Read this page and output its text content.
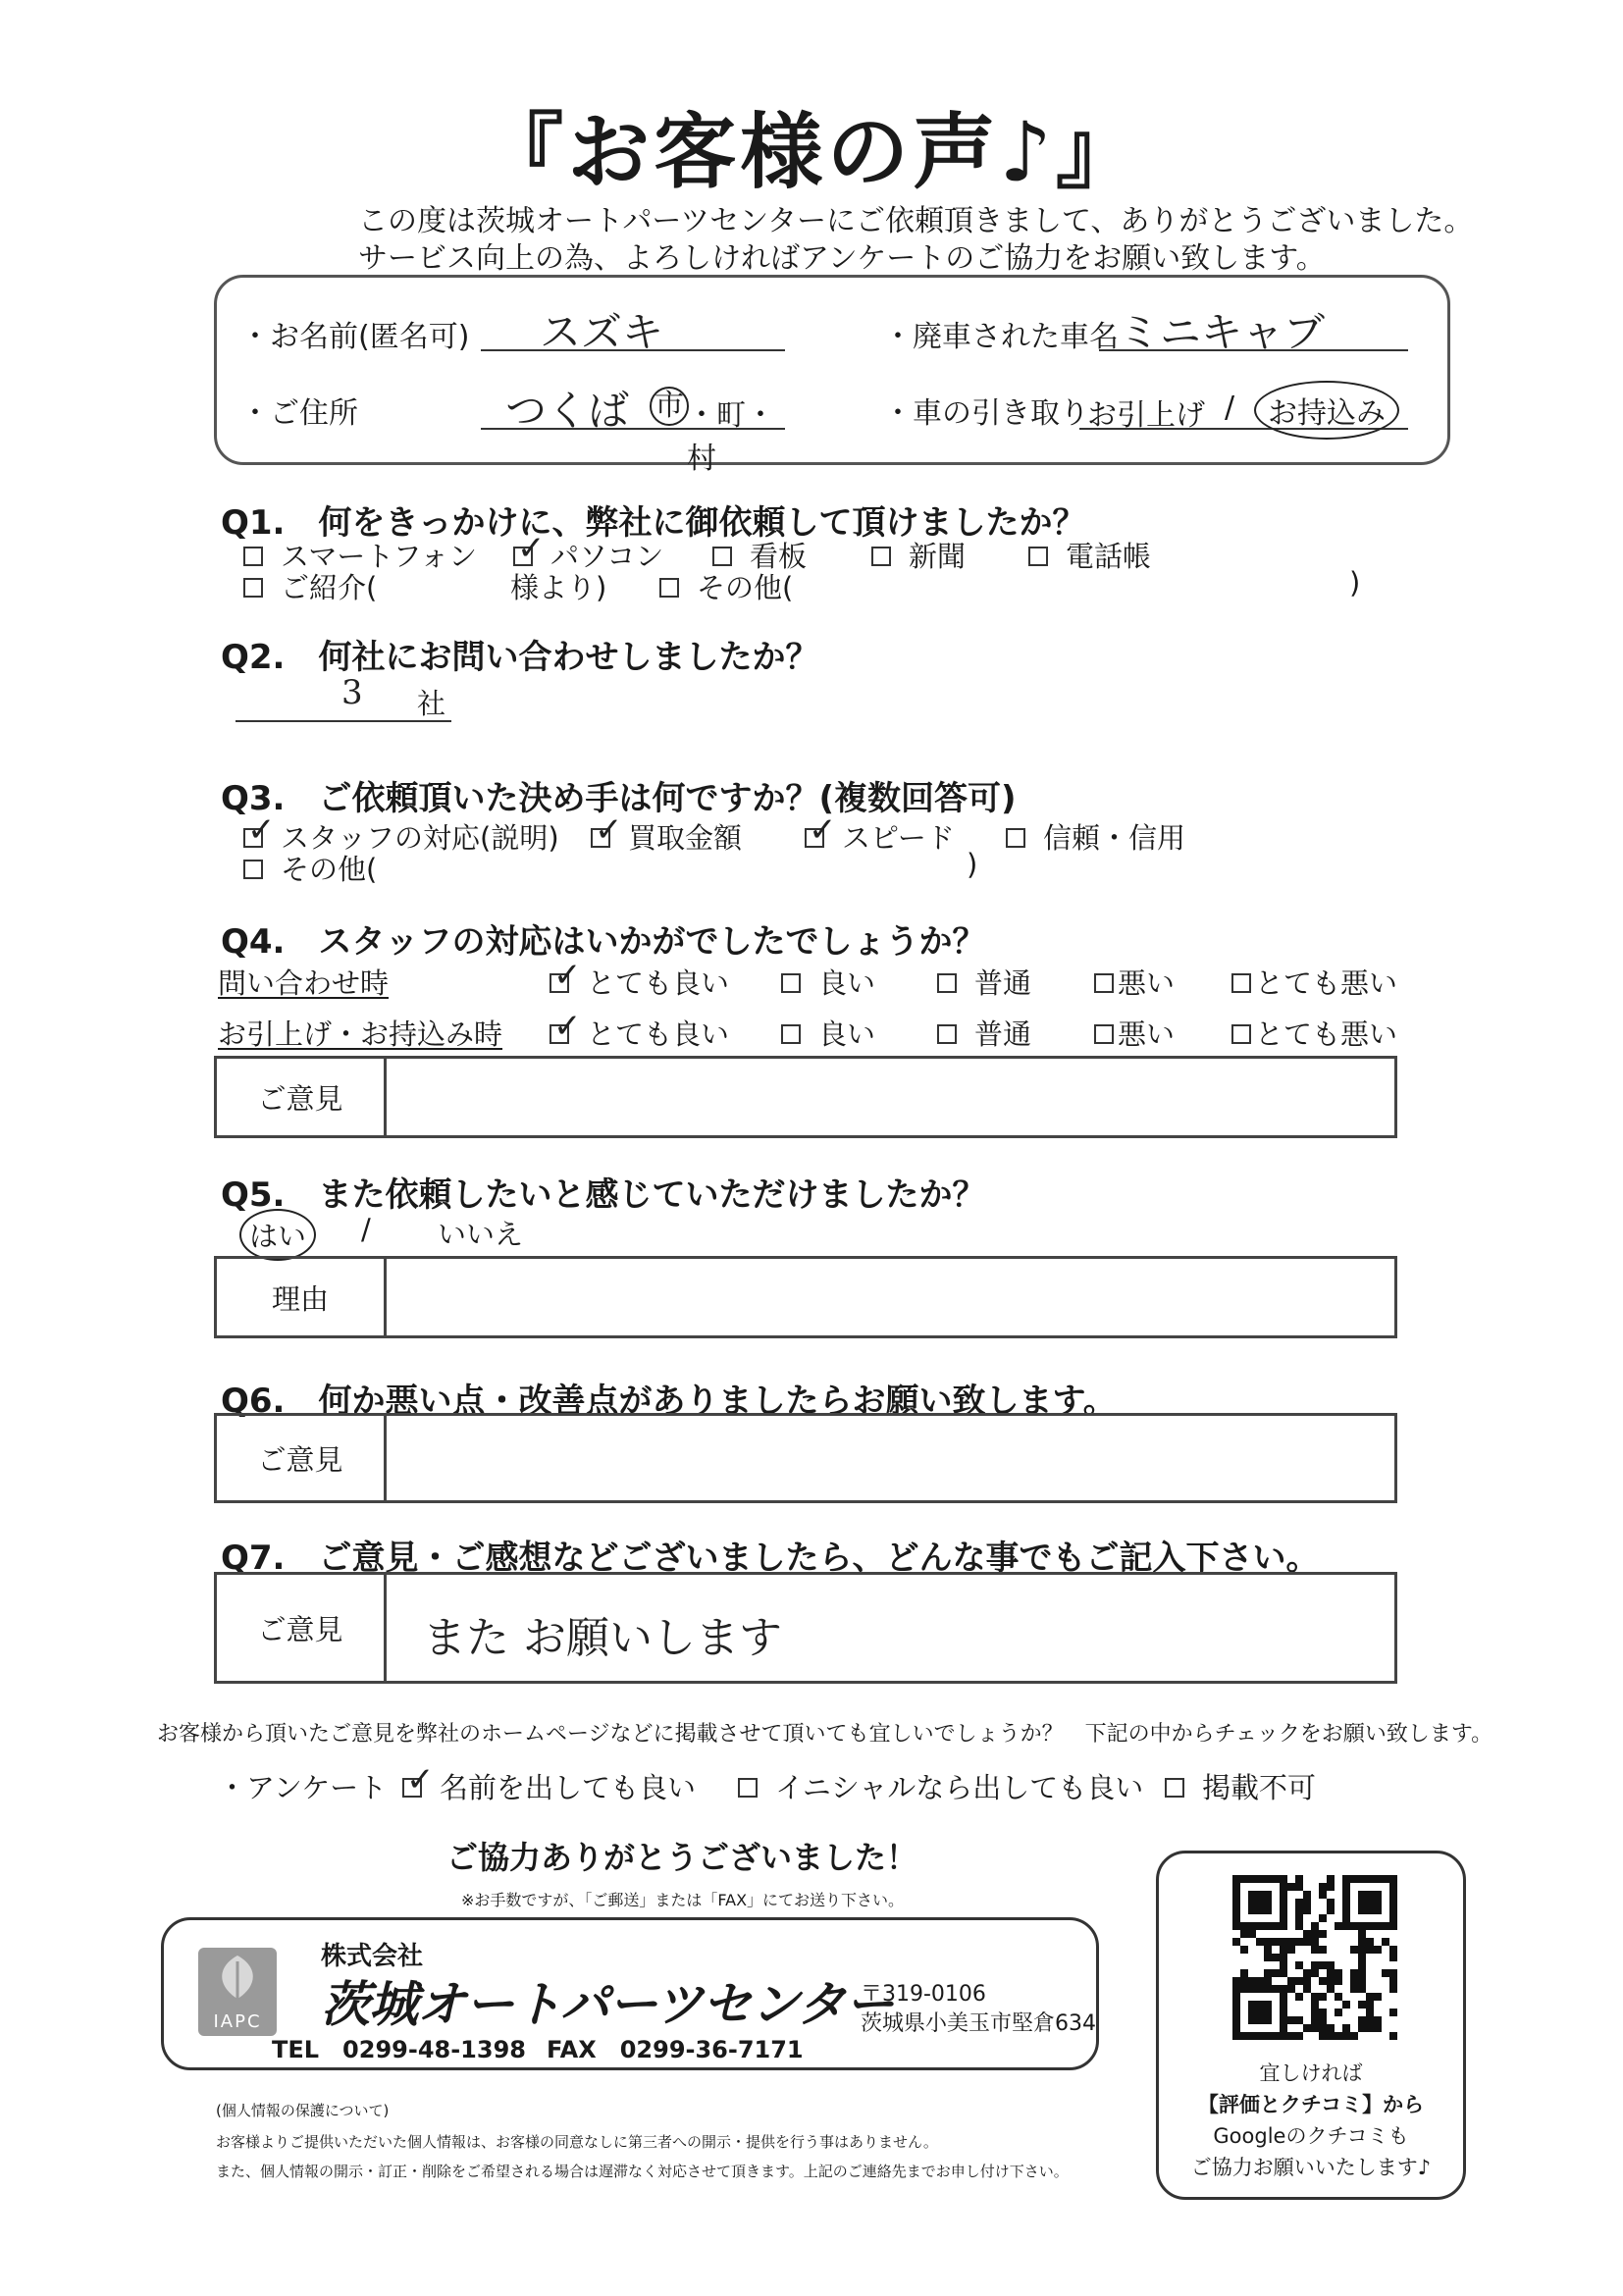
『お客様の声♪』
この度は茨城オートパーツセンターにご依頼頂きまして、ありがとうございました。
サービス向上の為、よろしければアンケートのご協力をお願い致します。
・お名前(匿名可) スズキ	・廃車された車名 ミニキャブ
・ご住所	つくば 市 ・町・村
・車の引き取り
お引上げ /	お持込み
Q1.　何をきっかけに、弊社に御依頼して頂けましたか？
スマートフォン ✓	パソコン	看板	新聞	電話帳
ご紹介(	様より)	その他(	)
Q2.　何社にお問い合わせしましたか？
3 社
Q3.　ご依頼頂いた決め手は何ですか？(複数回答可)
✓スタッフの対応(説明) ✓	買取金額 ✓	スピード	信頼・信用
その他(	)
Q4.　スタッフの対応はいかがでしたでしょうか？
問い合わせ時 ✓	とても良い	良い	普通	悪い	とても悪い
お引上げ・お持込み時 ✓	とても良い	良い	普通	悪い	とても悪い
ご意見
Q5.　また依頼したいと感じていただけましたか？
はい	/ いいえ
理由
Q6.　何か悪い点・改善点がありましたらお願い致します。
ご意見
Q7.　ご意見・ご感想などございましたら、どんな事でもご記入下さい。
ご意見	また お願いします
お客様から頂いたご意見を弊社のホームページなどに掲載させて頂いても宜しいでしょうか？　下記の中からチェックをお願い致します。
・アンケート ✓	名前を出しても良い	イニシャルなら出しても良い	掲載不可
ご協力ありがとうございました！
※お手数ですが、「ご郵送」または「FAX」にてお送り下さい。
IAPC
株式会社
茨城オートパーツセンター
〒319-0106
茨城県小美玉市堅倉634
TEL　0299-48-1398 FAX　0299-36-7171
宜しければ
【評価とクチコミ】から
Googleのクチコミも
ご協力お願いいたします♪
(個人情報の保護について)
お客様よりご提供いただいた個人情報は、お客様の同意なしに第三者への開示・提供を行う事はありません。
また、個人情報の開示・訂正・削除をご希望される場合は遅滞なく対応させて頂きます。上記のご連絡先までお申し付け下さい。
